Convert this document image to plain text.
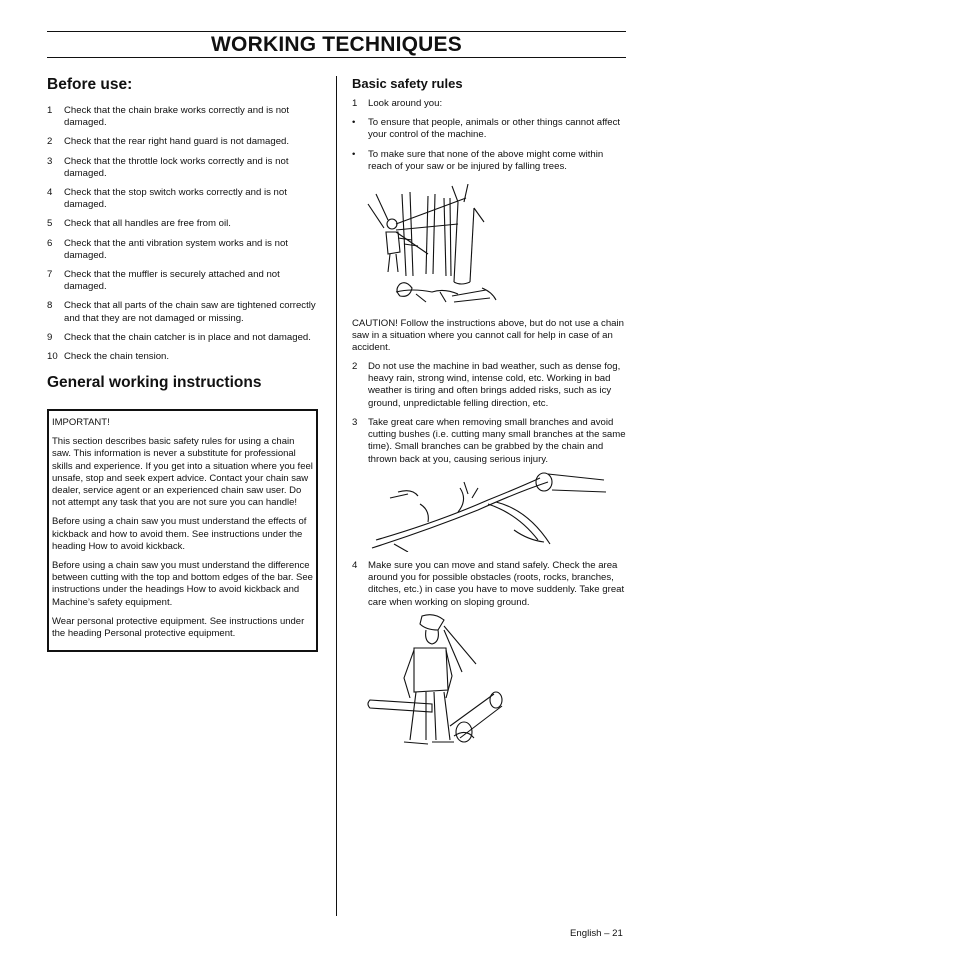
WORKING TECHNIQUES
Before use:
1	Check that the chain brake works correctly and is not damaged.
2	Check that the rear right hand guard is not damaged.
3	Check that the throttle lock works correctly and is not damaged.
4	Check that the stop switch works correctly and is not damaged.
5	Check that all handles are free from oil.
6	Check that the anti vibration system works and is not damaged.
7	Check that the muffler is securely attached and not damaged.
8	Check that all parts of the chain saw are tightened correctly and that they are not damaged or missing.
9	Check that the chain catcher is in place and not damaged.
10 Check the chain tension.
General working instructions

IMPORTANT!

This section describes basic safety rules for using a chain saw. This information is never a substitute for professional skills and experience. If you get into a situation where you feel unsafe, stop and seek expert advice. Contact your chain saw dealer, service agent or an experienced chain saw user. Do not attempt any task that you are not sure you can handle!

Before using a chain saw you must understand the effects of kickback and how to avoid them. See instructions under the heading How to avoid kickback.

Before using a chain saw you must understand the difference between cutting with the top and bottom edges of the bar. See instructions under the headings How to avoid kickback and Machine’s safety equipment.

Wear personal protective equipment. See instructions under the heading Personal protective equipment.

Basic safety rules
1	Look around you:
•	To ensure that people, animals or other things cannot affect your control of the machine.
•	To make sure that none of the above might come within reach of your saw or be injured by falling trees.
CAUTION! Follow the instructions above, but do not use a chain saw in a situation where you cannot call for help in case of an accident.
2	Do not use the machine in bad weather, such as dense fog, heavy rain, strong wind, intense cold, etc. Working in bad weather is tiring and often brings added risks, such as icy ground, unpredictable felling direction, etc.
3	Take great care when removing small branches and avoid cutting bushes (i.e. cutting many small branches at the same time). Small branches can be grabbed by the chain and thrown back at you, causing serious injury.
4	Make sure you can move and stand safely. Check the area around you for possible obstacles (roots, rocks, branches, ditches, etc.) in case you have to move suddenly. Take great care when working on sloping ground.
English – 21
